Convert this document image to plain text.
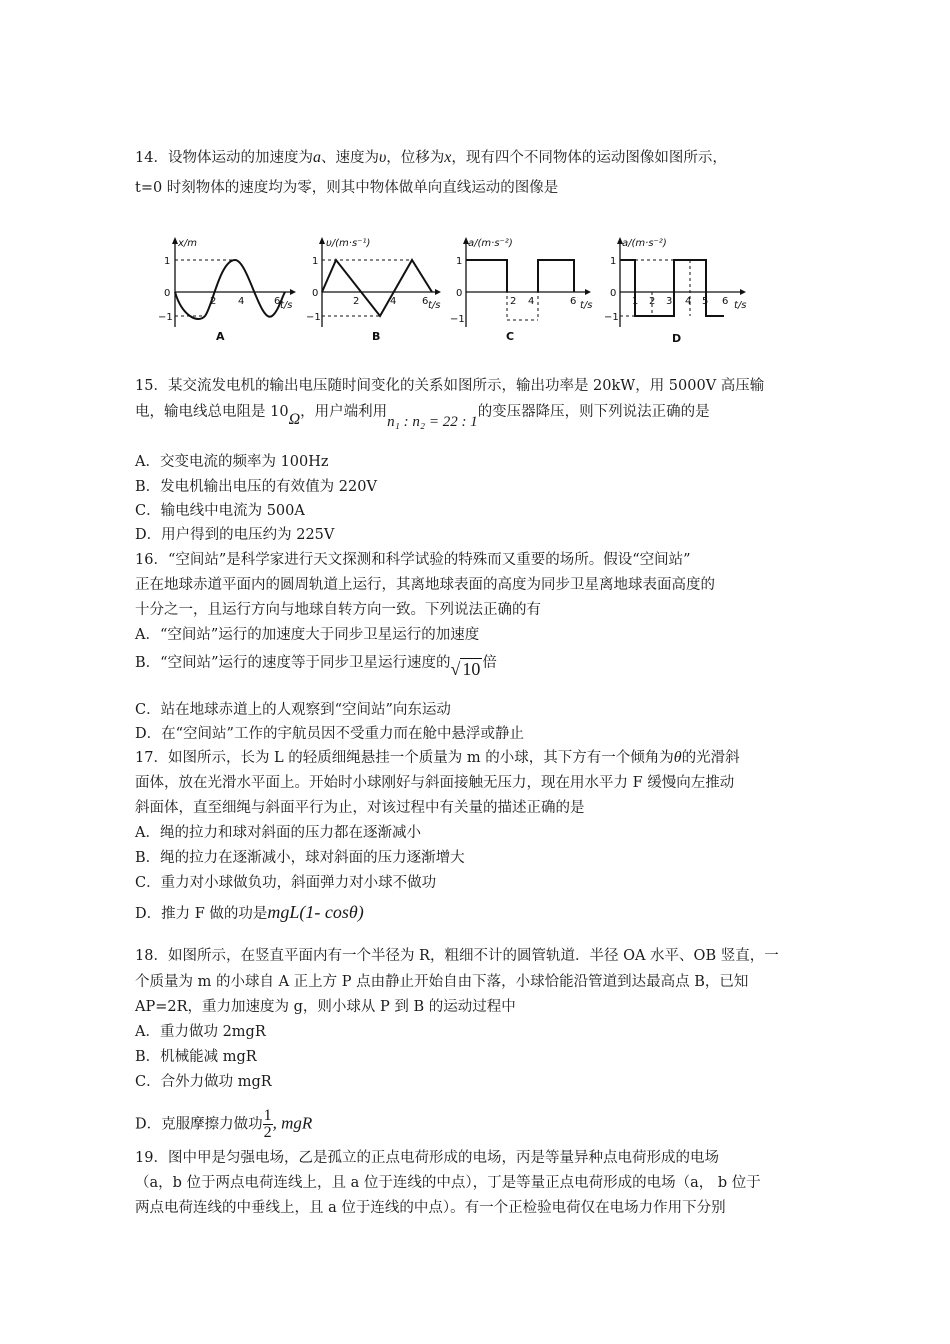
14．设物体运动的加速度为a、速度为υ，位移为x，现有四个不同物体的运动图像如图所示，
t=0 时刻物体的速度均为零，则其中物体做单向直线运动的图像是
x/m
t/s
1
0
−1
2 4	6
A
υ/(m·s⁻¹)
t/s
1
0
−1
2	4	6
B
a/(m·s⁻²)
t/s
1
0
−1
2 4	6
C
a/(m·s⁻²)
t/s
1
0
−1
1 2 3 4 5 6
D
15．某交流发电机的输出电压随时间变化的关系如图所示，输出功率是 20kW，用 5000V 高压输
电，输电线总电阻是 10Ω，用户端利用n₁ : n₂ = 22 : 1的变压器降压，则下列说法正确的是
A．交变电流的频率为 100Hz
B．发电机输出电压的有效值为 220V
C．输电线中电流为 500A
D．用户得到的电压约为 225V
16．“空间站”是科学家进行天文探测和科学试验的特殊而又重要的场所。假设“空间站”
正在地球赤道平面内的圆周轨道上运行，其离地球表面的高度为同步卫星离地球表面高度的
十分之一，且运行方向与地球自转方向一致。下列说法正确的有
A．“空间站”运行的加速度大于同步卫星运行的加速度
B．“空间站”运行的速度等于同步卫星运行速度的√ 10 倍
C．站在地球赤道上的人观察到“空间站”向东运动
D．在“空间站”工作的宇航员因不受重力而在舱中悬浮或静止
17．如图所示，长为 L 的轻质细绳悬挂一个质量为 m 的小球，其下方有一个倾角为θ的光滑斜
面体，放在光滑水平面上。开始时小球刚好与斜面接触无压力，现在用水平力 F 缓慢向左推动
斜面体，直至细绳与斜面平行为止，对该过程中有关量的描述正确的是
A．绳的拉力和球对斜面的压力都在逐渐减小
B．绳的拉力在逐渐减小，球对斜面的压力逐渐增大
C．重力对小球做负功，斜面弹力对小球不做功
D．推力 F 做的功是mgL(1- cosθ)
18．如图所示，在竖直平面内有一个半径为 R，粗细不计的圆管轨道．半径 OA 水平、OB 竖直，一
个质量为 m 的小球自 A 正上方 P 点由静止开始自由下落，小球恰能沿管道到达最高点 B，已知
AP=2R，重力加速度为 g，则小球从 P 到 B 的运动过程中
A．重力做功 2mgR
B．机械能减 mgR
C．合外力做功 mgR
D．克服摩擦力做功 $\frac{1}{2}$ , mgR
19．图中甲是匀强电场，乙是孤立的正点电荷形成的电场，丙是等量异种点电荷形成的电场
（a，b 位于两点电荷连线上，且 a 位于连线的中点），丁是等量正点电荷形成的电场（a， b 位于
两点电荷连线的中垂线上，且 a 位于连线的中点）。有一个正检验电荷仅在电场力作用下分别
